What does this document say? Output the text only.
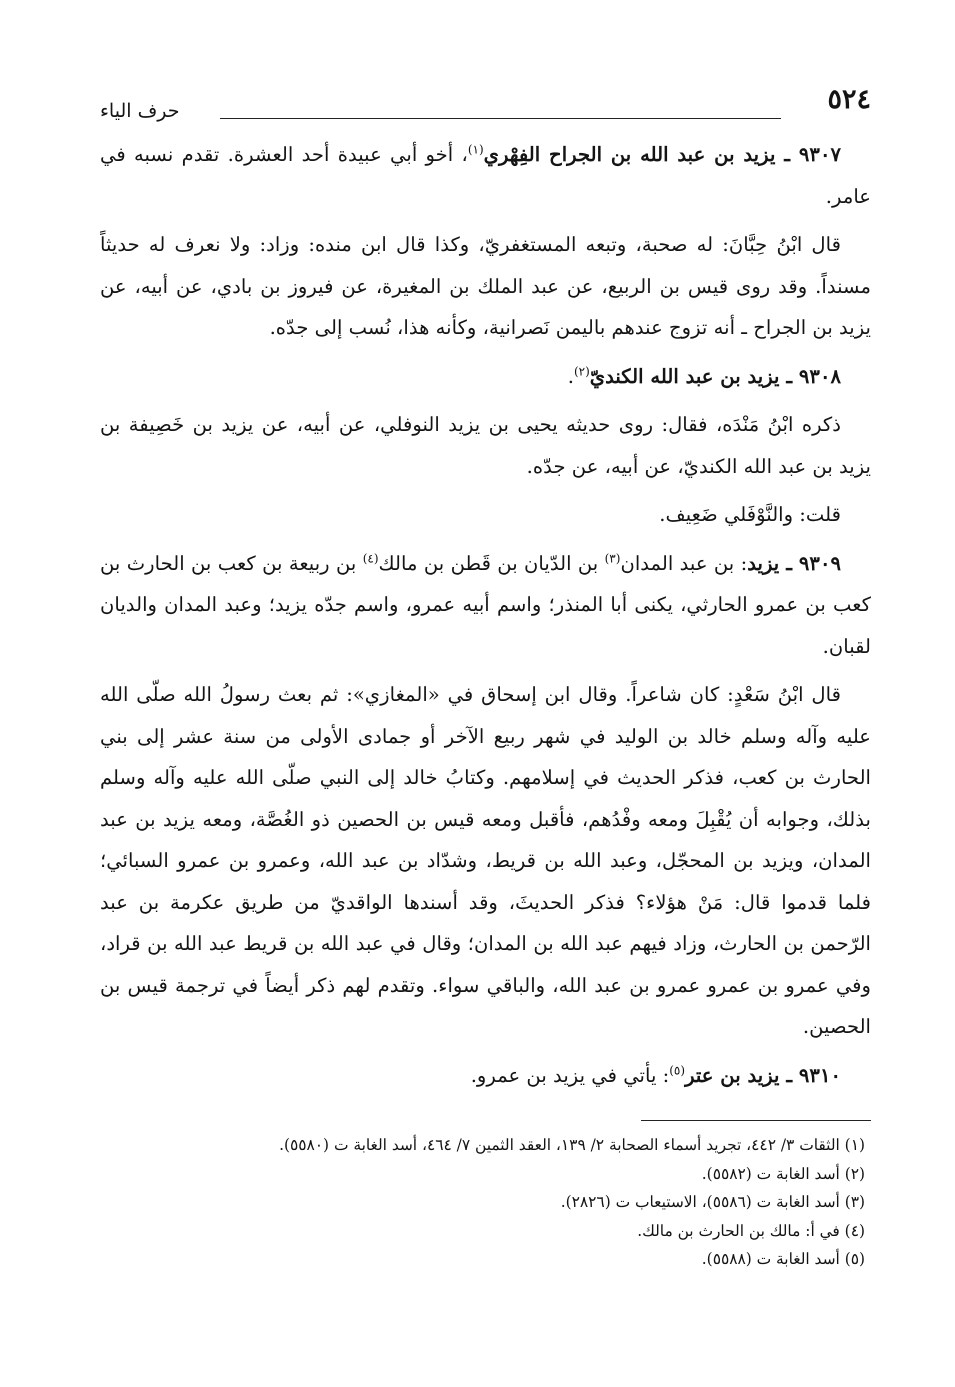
٥٢٤
حرف الياء

٩٣٠٧ ـ يزيد بن عبد الله بن الجراح الفِهْري$^{(١)}$، أخو أبي عبيدة أحد العشرة. تقدم نسبه في عامر.

قال ابْنُ حِبَّانَ: له صحبة، وتبعه المستغفريّ، وكذا قال ابن منده: وزاد: ولا نعرف له حديثاً مسنداً. وقد روى قيس بن الربيع، عن عبد الملك بن المغيرة، عن فيروز بن بادي، عن أبيه، عن يزيد بن الجراح ـ أنه تزوج عندهم باليمن نَصرانية، وكأنه هذا، نُسب إلى جدّه.

٩٣٠٨ ـ يزيد بن عبد الله الكنديّ$^{(٢)}$.

ذكره ابْنُ مَنْدَه، فقال: روى حديثه يحيى بن يزيد النوفلي، عن أبيه، عن يزيد بن خَصِيفة بن يزيد بن عبد الله الكنديّ، عن أبيه، عن جدّه.

قلت: والنَّوْفَلي ضَعِيف.

٩٣٠٩ ـ يزيد: بن عبد المدان$^{(٣)}$ بن الدّيان بن قَطن بن مالك$^{(٤)}$ بن ربيعة بن كعب بن الحارث بن كعب بن عمرو الحارثي، يكنى أبا المنذر؛ واسم أبيه عمرو، واسم جدّه يزيد؛ وعبد المدان والديان لقبان.

قال ابْنُ سَعْدٍ: كان شاعراً. وقال ابن إسحاق في «المغازي»: ثم بعث رسولُ الله صلّى الله عليه وآله وسلم خالد بن الوليد في شهر ربيع الآخر أو جمادى الأولى من سنة عشر إلى بني الحارث بن كعب، فذكر الحديث في إسلامهم. وكتابُ خالد إلى النبي صلّى الله عليه وآله وسلم بذلك، وجوابه أن يُقْبِلَ ومعه وفْدُهم، فأقبل ومعه قيس بن الحصين ذو الغُصَّة، ومعه يزيد بن عبد المدان، ويزيد بن المحجّل، وعبد الله بن قريط، وشدّاد بن عبد الله، وعمرو بن عمرو السبائي؛ فلما قدموا قال: مَنْ هؤلاء؟ فذكر الحديثَ، وقد أسندها الواقديّ من طريق عكرمة بن عبد الرّحمن بن الحارث، وزاد فيهم عبد الله بن المدان؛ وقال في عبد الله بن قريط عبد الله بن قراد، وفي عمرو بن عمرو عمرو بن عبد الله، والباقي سواء. وتقدم لهم ذكر أيضاً في ترجمة قيس بن الحصين.

٩٣١٠ ـ يزيد بن عتر$^{(٥)}$: يأتي في يزيد بن عمرو.

(١) الثقات ٣/ ٤٤٢، تجريد أسماء الصحابة ٢/ ١٣٩، العقد الثمين ٧/ ٤٦٤، أسد الغابة ت (٥٥٨٠).

(٢) أسد الغابة ت (٥٥٨٢).

(٣) أسد الغابة ت (٥٥٨٦)، الاستيعاب ت (٢٨٢٦).

(٤) في أ: مالك بن الحارث بن مالك.

(٥) أسد الغابة ت (٥٥٨٨).
